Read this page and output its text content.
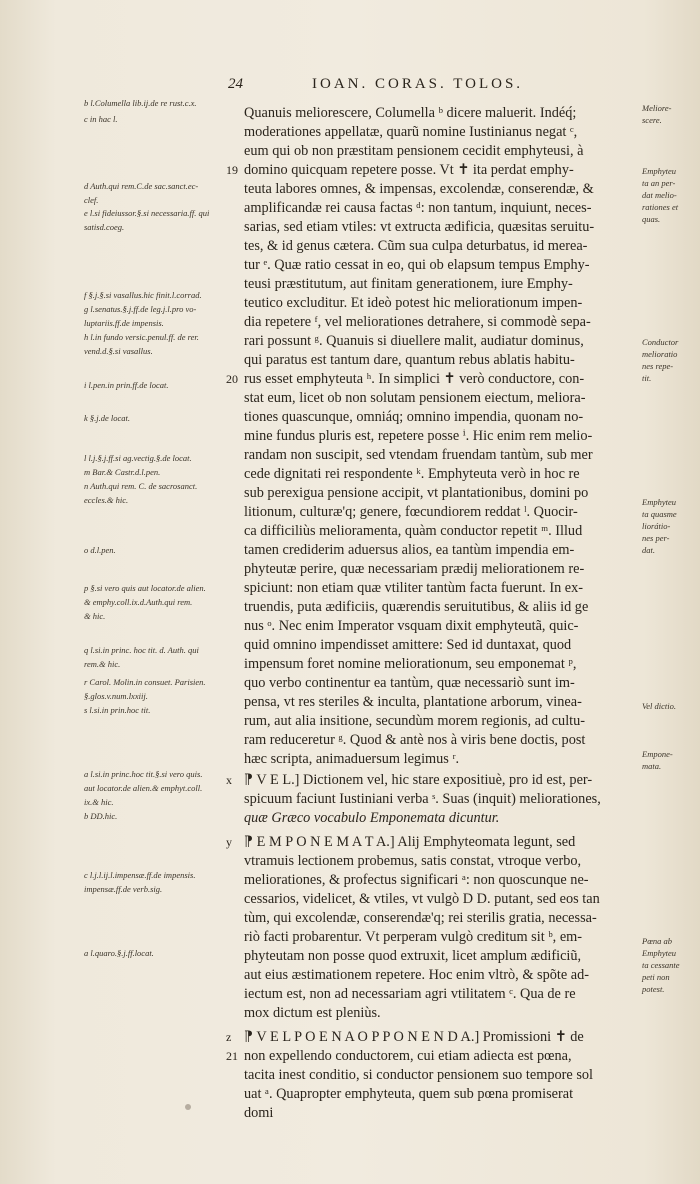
24	IOAN. CORAS. TOLOS.
b l.Columella lib.ij.de re rust.c.x.
c in hac l.
d Auth.qui rem.C.de sac.sanct.ec-
clef.
e l.si fideiussor.§.si necessaria.ff. qui
satisd.coeg.
f §.j.§.si vasallus.hic finit.l.corrad.
g l.senatus.§.j.ff.de leg.j.l.pro vo-
luptariis.ff.de impensis.
h l.in fundo versic.penul.ff. de rer.
vend.d.§.si vasallus.
i l.pen.in prin.ff.de locat.
k §.j.de locat.
l l.j.§.j.ff.si ag.vectig.§.de locat.
m Bar.& Castr.d.l.pen.
n Auth.qui rem. C. de sacrosanct.
eccles.& hic.
o d.l.pen.
p §.si vero quis aut locator.de alien.
& emphy.coll.ix.d.Auth.qui rem.
& hic.
q l.si.in princ. hoc tit. d. Auth. qui
rem.& hic.
r Carol. Molin.in consuet. Parisien.
§.glos.v.num.lxxiij.
s l.si.in prin.hoc tit.
a l.si.in princ.hoc tit.§.si vero quis.
aut locator.de alien.& emphyt.coll.
ix.& hic.
b DD.hic.
c l.j.l.ij.l.impensæ.ff.de impensis.
impensæ.ff.de verb.sig.
a l.quaro.§.j.ff.locat.
Quanuis meliorescere, Columella ᵇ dicere maluerit. Indéq́;
moderationes appellatæ, quarũ nomine Iustinianus negat ᶜ,
eum qui ob non præstitam pensionem cecidit emphyteusi, à
19 domino quicquam repetere posse. Vt ✝ ita perdat emphy-
teuta labores omnes, & impensas, excolendæ, conserendæ, &
amplificandæ rei causa factas ᵈ: non tantum, inquiunt, neces-
sarias, sed etiam vtiles: vt extructa ædificia, quæsitas seruitu-
tes, & id genus cætera. Cũm sua culpa deturbatus, id merea-
tur ᵉ. Quæ ratio cessat in eo, qui ob elapsum tempus Emphy-
teusi præstitutum, aut finitam generationem, iure Emphy-
teutico excluditur. Et ideò potest hic meliorationum impen-
dia repetere ᶠ, vel meliorationes detrahere, si commodè sepa-
rari possunt ᵍ. Quanuis si diuellere malit, audiatur dominus,
qui paratus est tantum dare, quantum rebus ablatis habitu-
20 rus esset emphyteuta ʰ. In simplici ✝ verò conductore, con-
stat eum, licet ob non solutam pensionem eiectum, meliora-
tiones quascunque, omniáq; omnino impendia, quonam no-
mine fundus pluris est, repetere posse ⁱ. Hic enim rem melio-
randam non suscipit, sed vtendam fruendam tantùm, sub mer
cede dignitati rei respondente ᵏ. Emphyteuta verò in hoc re
sub perexigua pensione accipit, vt plantationibus, domini po
litionum, culturæ'q; genere, fœcundiorem reddat ˡ. Quocir-
ca difficiliùs melioramenta, quàm conductor repetit ᵐ. Illud
tamen crediderim aduersus alios, ea tantùm impendia em-
phyteutæ perire, quæ necessariam prædij meliorationem re-
spiciunt: non etiam quæ vtiliter tantùm facta fuerunt. In ex-
truendis, puta ædificiis, quærendis seruitutibus, & aliis id ge
nus ᵒ. Nec enim Imperator vsquam dixit emphyteutã, quic-
quid omnino impendisset amittere: Sed id duntaxat, quod
impensum foret nomine meliorationum, seu emponemat ᵖ,
quo verbo continentur ea tantùm, quæ necessariò sunt im-
pensa, vt res steriles & inculta, plantatione arborum, vinea-
rum, aut alia insitione, secundùm morem regionis, ad cultu-
ram reduceretur ᵍ. Quod & antè nos à viris bene doctis, post
hæc scripta, animaduersum legimus ʳ.
x ⁋ V E L.] Dictionem vel, hic stare expositiuè, pro id est, per-
spicuum faciunt Iustiniani verba ˢ. Suas (inquit) meliorationes,
quæ Græco vocabulo Emponemata dicuntur.
y ⁋ E M P O N E M A T A.] Alij Emphyteomata legunt, sed
vtramuis lectionem probemus, satis constat, vtroque verbo,
meliorationes, & profectus significari ᵃ: non quoscunque ne-
cessarios, videlicet, & vtiles, vt vulgò D D. putant, sed eos tan
tùm, qui excolendæ, conserendæ'q; rei sterilis gratia, necessa-
riò facti probarentur. Vt perperam vulgò creditum sit ᵇ, em-
phyteutam non posse quod extruxit, licet amplum ædificiũ,
aut eius æstimationem repetere. Hoc enim vltrò, & spõte ad-
iectum est, non ad necessariam agri vtilitatem ᶜ. Qua de re
mox dictum est pleniùs.
z ⁋ V E L P O E N A O P P O N E N D A.] Promissioni ✝ de
21 non expellendo conductorem, cui etiam adiecta est pœna,
tacita inest conditio, si conductor pensionem suo tempore sol
uat ᵃ. Quapropter emphyteuta, quem sub pœna promiserat
domi
Meliore-
scere.
Emphyteu
ta an per-
dat melio-
rationes et
quas.
Conductor
melioratio
nes repe-
tit.
Emphyteu
ta quasme
liorátio-
nes per-
dat.
Vel dictio.
Empone-
mata.
Pœna ab
Emphyteu
ta cessante
peti non
potest.
